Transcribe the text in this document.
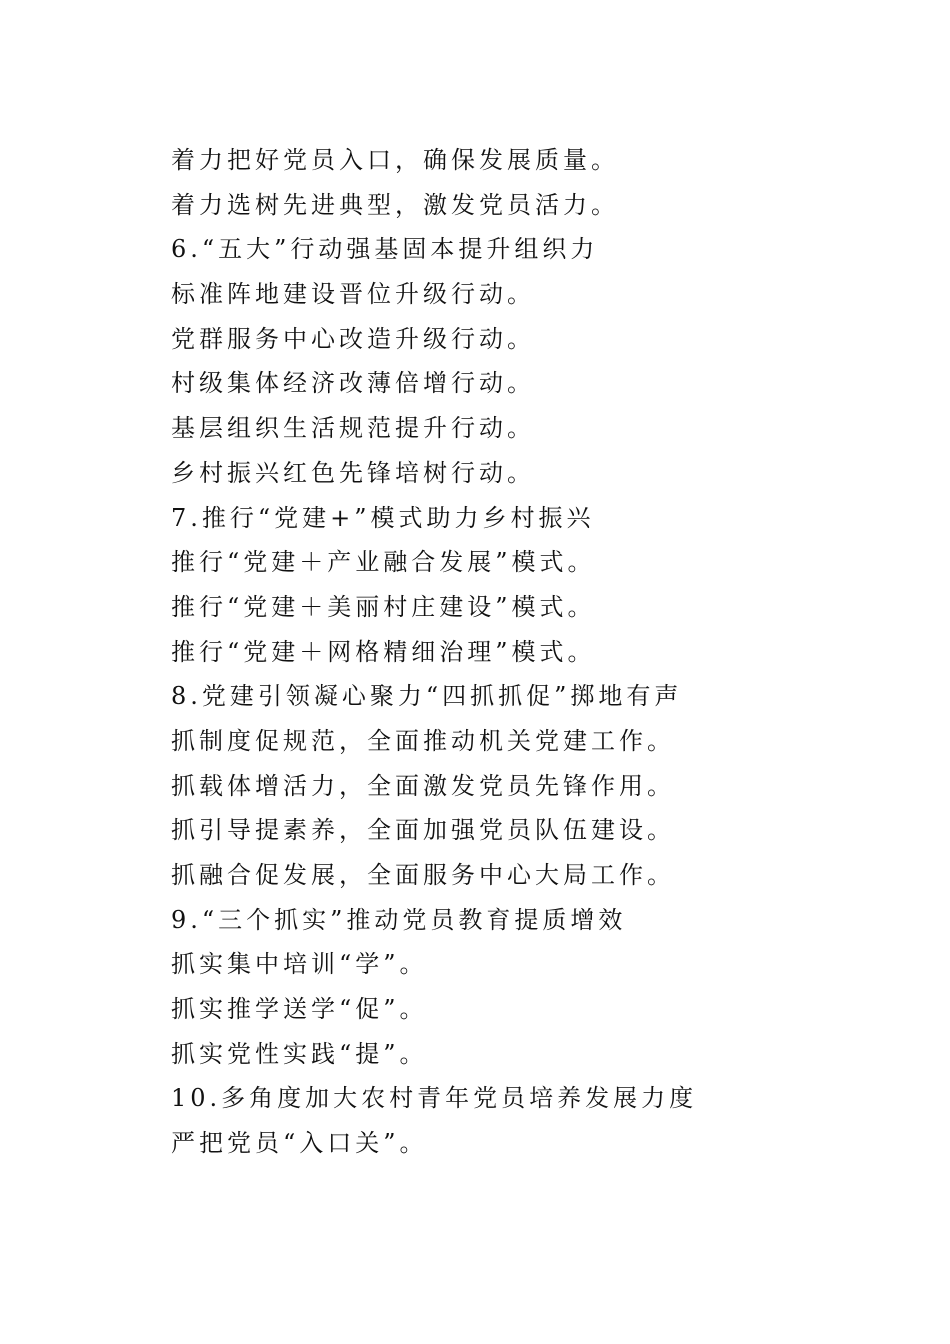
着力把好党员入口，确保发展质量。
着力选树先进典型，激发党员活力。
6.“五大”行动强基固本提升组织力
标准阵地建设晋位升级行动。
党群服务中心改造升级行动。
村级集体经济改薄倍增行动。
基层组织生活规范提升行动。
乡村振兴红色先锋培树行动。
7.推行“党建+”模式助力乡村振兴
推行“党建＋产业融合发展”模式。
推行“党建＋美丽村庄建设”模式。
推行“党建＋网格精细治理”模式。
8.党建引领凝心聚力“四抓抓促”掷地有声
抓制度促规范，全面推动机关党建工作。
抓载体增活力，全面激发党员先锋作用。
抓引导提素养，全面加强党员队伍建设。
抓融合促发展，全面服务中心大局工作。
9.“三个抓实”推动党员教育提质增效
抓实集中培训“学”。
抓实推学送学“促”。
抓实党性实践“提”。
10.多角度加大农村青年党员培养发展力度
严把党员“入口关”。
